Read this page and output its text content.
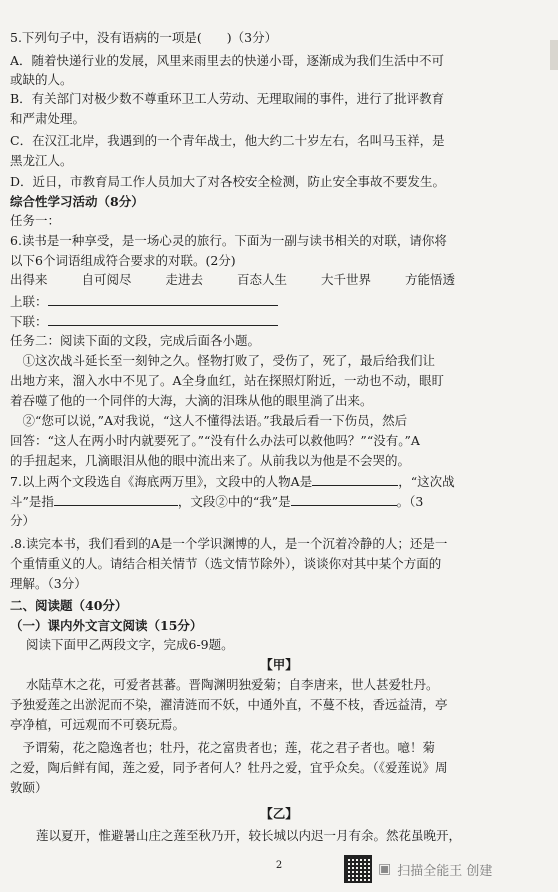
5.下列句子中，没有语病的一项是(　　)（3分）
A．随着快递行业的发展，风里来雨里去的快递小哥，逐渐成为我们生活中不可
或缺的人。
B．有关部门对极少数不尊重环卫工人劳动、无理取闹的事件，进行了批评教育
和严肃处理。
C．在汉江北岸，我遇到的一个青年战士，他大约二十岁左右，名叫马玉祥，是
黑龙江人。
D．近日，市教育局工作人员加大了对各校安全检测，防止安全事故不要发生。
综合性学习活动（8分）
任务一：
6.读书是一种享受，是一场心灵的旅行。下面为一副与读书相关的对联，请你将
以下6个词语组成符合要求的对联。(2分)
出得来	自可阅尽	走进去	百态人生	大千世界	方能悟透
上联：
下联：
任务二：阅读下面的文段，完成后面各小题。
　①这次战斗延长至一刻钟之久。怪物打败了，受伤了，死了，最后给我们让
出地方来，溜入水中不见了。A全身血红，站在探照灯附近，一动也不动，眼盯
着吞噬了他的一个同伴的大海，大滴的泪珠从他的眼里淌了出来。
　②“您可以说，”A对我说，“这人不懂得法语。”我最后看一下伤员，然后
回答：“这人在两小时内就要死了。”“没有什么办法可以救他吗？”“没有。”A
的手扭起来，几滴眼泪从他的眼中流出来了。从前我以为他是不会哭的。
7.以上两个文段选自《海底两万里》，文段中的人物A是	，“这次战
斗”是指	，文段②中的“我”是	。（3
分）
.8.读完本书，我们看到的A是一个学识渊博的人，是一个沉着冷静的人；还是一
个重情重义的人。请结合相关情节（选文情节除外），谈谈你对其中某个方面的
理解。（3分）
二、阅读题（40分）
（一）课内外文言文阅读（15分）
阅读下面甲乙两段文字，完成6-9题。
【甲】
水陆草木之花，可爱者甚蕃。晋陶渊明独爱菊；自李唐来，世人甚爱牡丹。
予独爱莲之出淤泥而不染，濯清涟而不妖，中通外直，不蔓不枝，香远益清，亭
亭净植，可远观而不可亵玩焉。
　予谓菊，花之隐逸者也；牡丹，花之富贵者也；莲，花之君子者也。噫！菊
之爱，陶后鲜有闻，莲之爱，同予者何人？牡丹之爱，宜乎众矣。（《爱莲说》周
敦颐）
【乙】
莲以夏开，惟避暑山庄之莲至秋乃开，较长城以内迟一月有余。然花虽晚开，
2	▣ 扫描全能王 创建
